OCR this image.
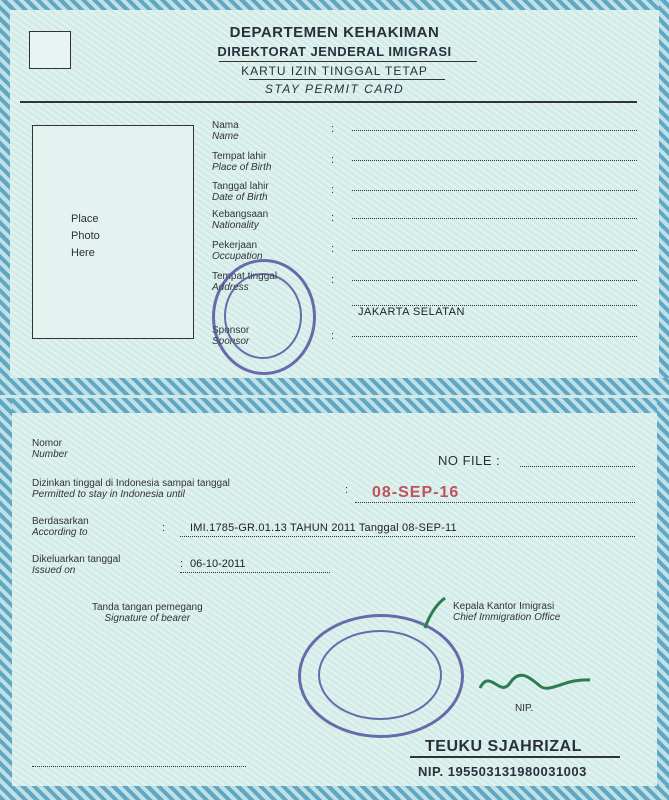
DEPARTEMEN KEHAKIMAN
DIREKTORAT JENDERAL IMIGRASI
KARTU IZIN TINGGAL TETAP
STAY PERMIT CARD
Place
Photo
Here
Nama
Name
:
Tempat lahir
Place of Birth
:
Tanggal lahir
Date of Birth
:
Kebangsaan
Nationality
:
Pekerjaan
Occupation
:
Tempat tinggal
Address
:
JAKARTA SELATAN
Sponsor
Sponsor	:
Nomor
Number	NO FILE :
Dizinkan tinggal di Indonesia sampai tanggal
Permitted to stay in Indonesia until	: 08-SEP-16
Berdasarkan
According to	: IMI.1785-GR.01.13 TAHUN 2011 Tanggal 08-SEP-11
Dikeluarkan tanggal
Issued on
: 06-10-2011
Tanda tangan pemegang
Signature of bearer
Kepala Kantor Imigrasi
Chief Immigration Office
NIP.
TEUKU SJAHRIZAL
NIP. 195503131980031003
